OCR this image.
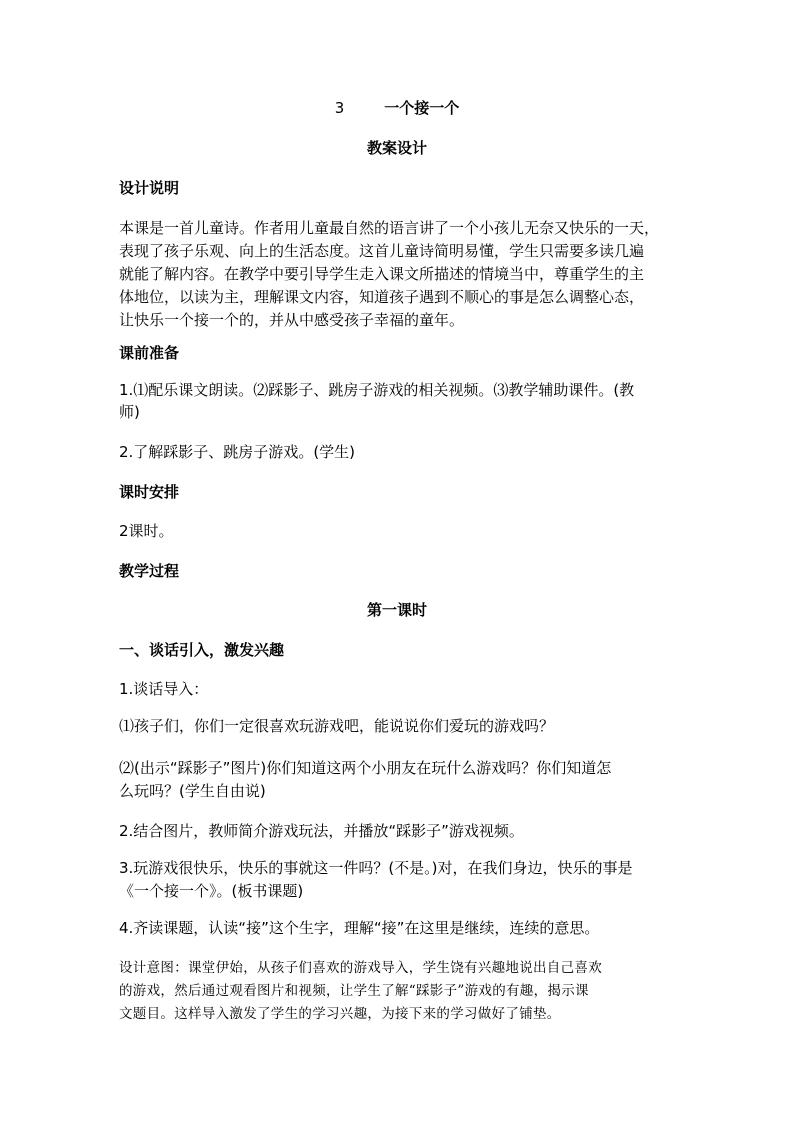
3	一个接一个
教案设计
设计说明
本课是一首儿童诗。作者用儿童最自然的语言讲了一个小孩儿无奈又快乐的一天，
表现了孩子乐观、向上的生活态度。这首儿童诗简明易懂，学生只需要多读几遍
就能了解内容。在教学中要引导学生走入课文所描述的情境当中，尊重学生的主
体地位，以读为主，理解课文内容，知道孩子遇到不顺心的事是怎么调整心态，
让快乐一个接一个的，并从中感受孩子幸福的童年。
课前准备
1.⑴配乐课文朗读。⑵踩影子、跳房子游戏的相关视频。⑶教学辅助课件。(教
师)
2.了解踩影子、跳房子游戏。(学生)
课时安排
2课时。
教学过程
第一课时
一、谈话引入，激发兴趣
1.谈话导入：
⑴孩子们，你们一定很喜欢玩游戏吧，能说说你们爱玩的游戏吗？
⑵(出示“踩影子”图片)你们知道这两个小朋友在玩什么游戏吗？你们知道怎
么玩吗？(学生自由说)
2.结合图片，教师简介游戏玩法，并播放“踩影子”游戏视频。
3.玩游戏很快乐，快乐的事就这一件吗？(不是。)对，在我们身边，快乐的事是
《一个接一个》。(板书课题)
4.齐读课题，认读“接”这个生字，理解“接”在这里是继续，连续的意思。
设计意图：课堂伊始，从孩子们喜欢的游戏导入，学生饶有兴趣地说出自己喜欢
的游戏，然后通过观看图片和视频，让学生了解“踩影子”游戏的有趣，揭示课
文题目。这样导入激发了学生的学习兴趣，为接下来的学习做好了铺垫。
